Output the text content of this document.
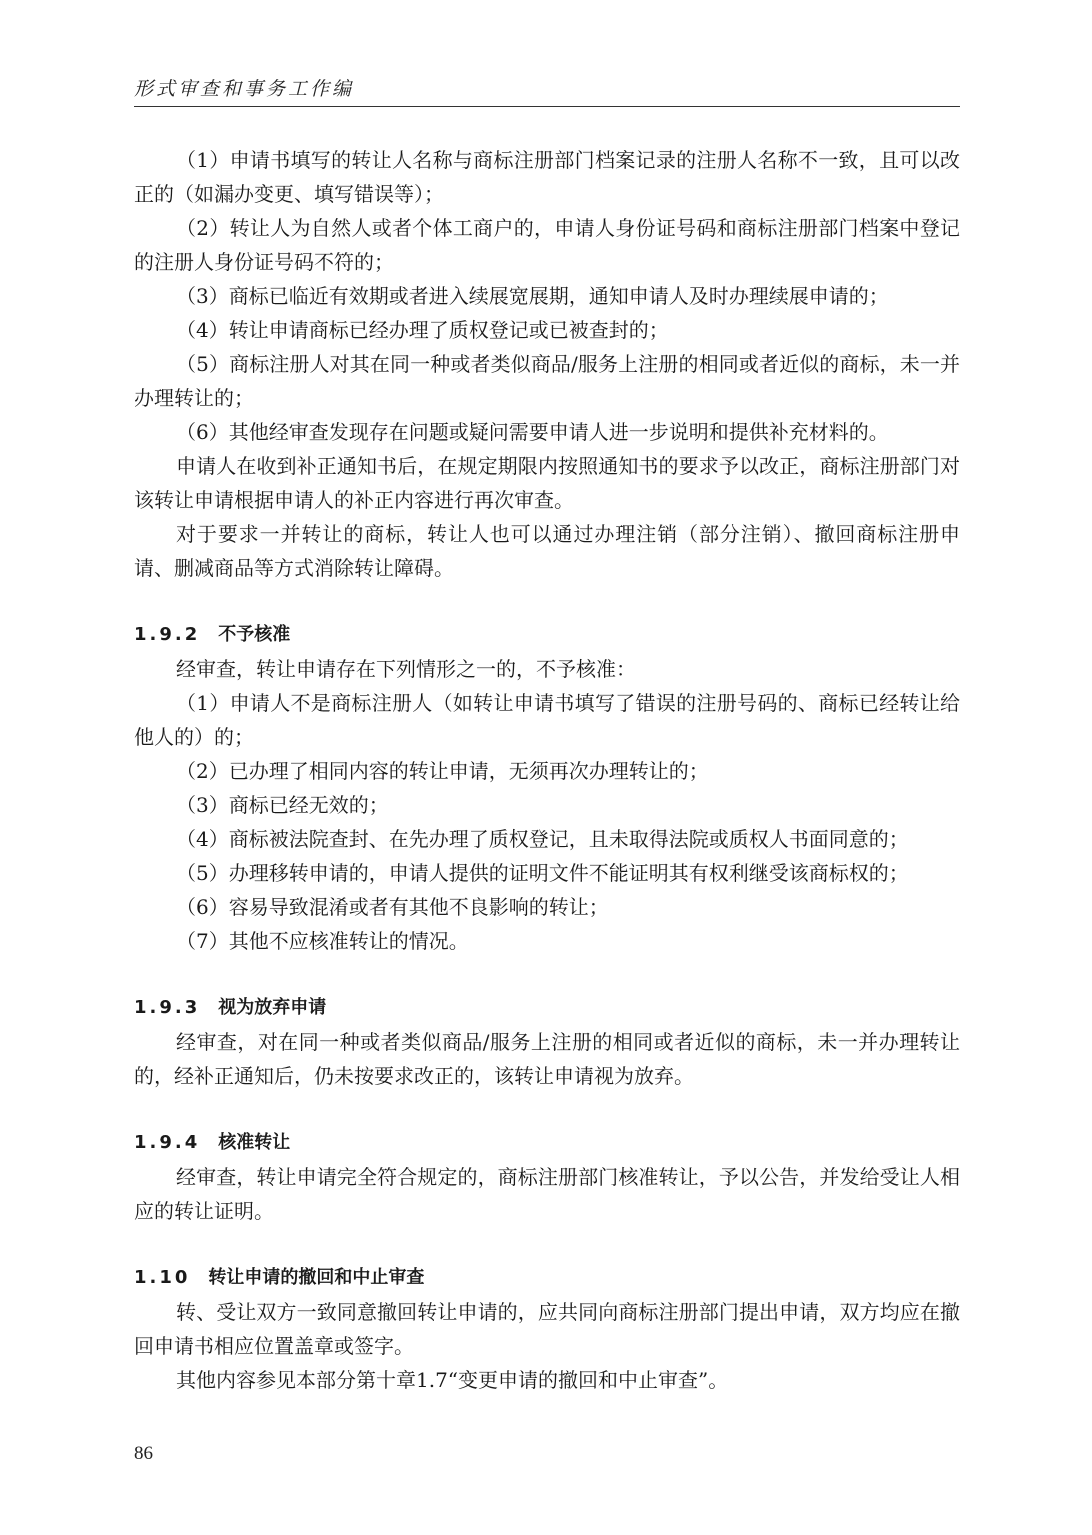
形式审查和事务工作编

（1）申请书填写的转让人名称与商标注册部门档案记录的注册人名称不一致，且可以改正的（如漏办变更、填写错误等）；

（2）转让人为自然人或者个体工商户的，申请人身份证号码和商标注册部门档案中登记的注册人身份证号码不符的；

（3）商标已临近有效期或者进入续展宽展期，通知申请人及时办理续展申请的；

（4）转让申请商标已经办理了质权登记或已被查封的；

（5）商标注册人对其在同一种或者类似商品/服务上注册的相同或者近似的商标，未一并办理转让的；

（6）其他经审查发现存在问题或疑问需要申请人进一步说明和提供补充材料的。

申请人在收到补正通知书后，在规定期限内按照通知书的要求予以改正，商标注册部门对该转让申请根据申请人的补正内容进行再次审查。

对于要求一并转让的商标，转让人也可以通过办理注销（部分注销）、撤回商标注册申请、删减商品等方式消除转让障碍。

1.9.2 不予核准

经审查，转让申请存在下列情形之一的，不予核准：

（1）申请人不是商标注册人（如转让申请书填写了错误的注册号码的、商标已经转让给他人的）的；

（2）已办理了相同内容的转让申请，无须再次办理转让的；

（3）商标已经无效的；

（4）商标被法院查封、在先办理了质权登记，且未取得法院或质权人书面同意的；

（5）办理移转申请的，申请人提供的证明文件不能证明其有权利继受该商标权的；

（6）容易导致混淆或者有其他不良影响的转让；

（7）其他不应核准转让的情况。

1.9.3 视为放弃申请

经审查，对在同一种或者类似商品/服务上注册的相同或者近似的商标，未一并办理转让的，经补正通知后，仍未按要求改正的，该转让申请视为放弃。

1.9.4 核准转让

经审查，转让申请完全符合规定的，商标注册部门核准转让，予以公告，并发给受让人相应的转让证明。

1.10 转让申请的撤回和中止审查

转、受让双方一致同意撤回转让申请的，应共同向商标注册部门提出申请，双方均应在撤回申请书相应位置盖章或签字。

其他内容参见本部分第十章1.7“变更申请的撤回和中止审查”。

86
